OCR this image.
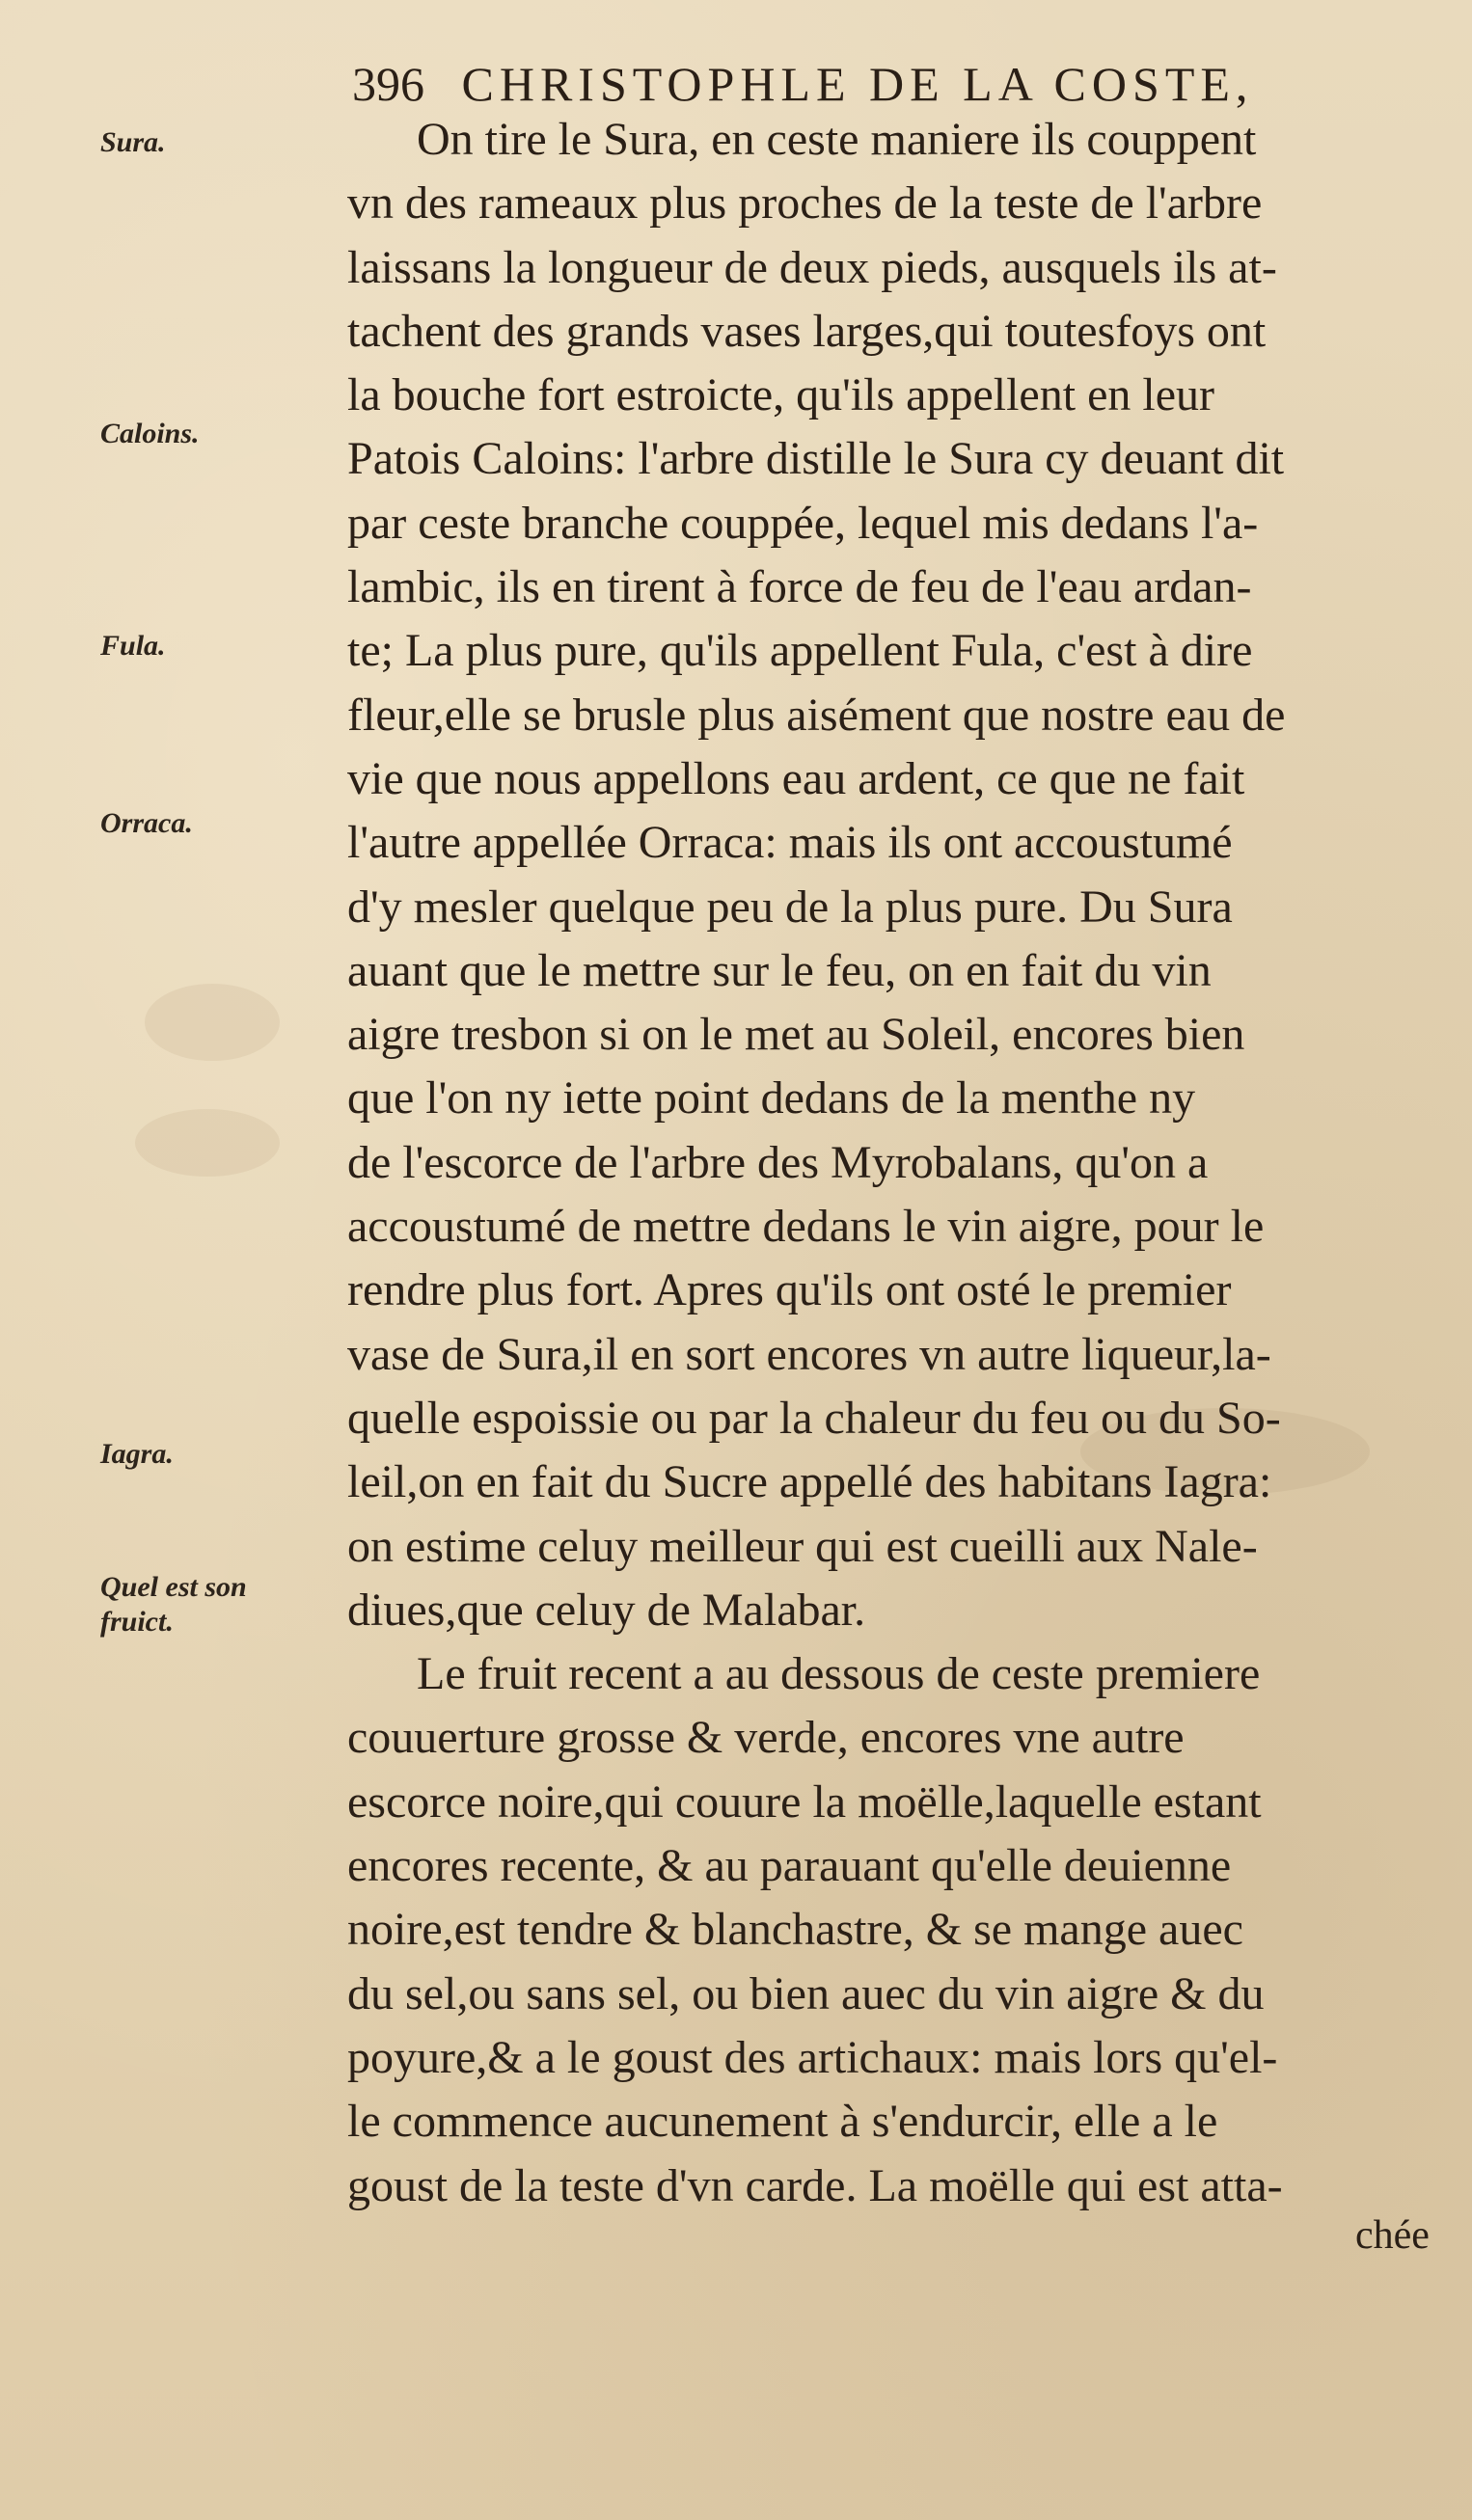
396 CHRISTOPHLE DE LA COSTE,
Sura.
Caloins.
Fula.
Orraca.
Iagra.
Quel est son fruict.
On tire le Sura, en ceste maniere ils couppent
vn des rameaux plus proches de la teste de l'arbre
laissans la longueur de deux pieds, ausquels ils at-
tachent des grands vases larges,qui toutesfoys ont
la bouche fort estroicte, qu'ils appellent en leur
Patois Caloins: l'arbre distille le Sura cy deuant dit
par ceste branche couppée, lequel mis dedans l'a-
lambic, ils en tirent à force de feu de l'eau ardan-
te; La plus pure, qu'ils appellent Fula, c'est à dire
fleur,elle se brusle plus aisément que nostre eau de
vie que nous appellons eau ardent, ce que ne fait
l'autre appellée Orraca: mais ils ont accoustumé
d'y mesler quelque peu de la plus pure. Du Sura
auant que le mettre sur le feu, on en fait du vin
aigre tresbon si on le met au Soleil, encores bien
que l'on ny iette point dedans de la menthe ny
de l'escorce de l'arbre des Myrobalans, qu'on a
accoustumé de mettre dedans le vin aigre, pour le
rendre plus fort. Apres qu'ils ont osté le premier
vase de Sura,il en sort encores vn autre liqueur,la-
quelle espoissie ou par la chaleur du feu ou du So-
leil,on en fait du Sucre appellé des habitans Iagra:
on estime celuy meilleur qui est cueilli aux Nale-
diues,que celuy de Malabar.
Le fruit recent a au dessous de ceste premiere
couuerture grosse & verde, encores vne autre
escorce noire,qui couure la moëlle,laquelle estant
encores recente, & au parauant qu'elle deuienne
noire,est tendre & blanchastre, & se mange auec
du sel,ou sans sel, ou bien auec du vin aigre & du
poyure,& a le goust des artichaux: mais lors qu'el-
le commence aucunement à s'endurcir, elle a le
goust de la teste d'vn carde. La moëlle qui est atta-
chée
